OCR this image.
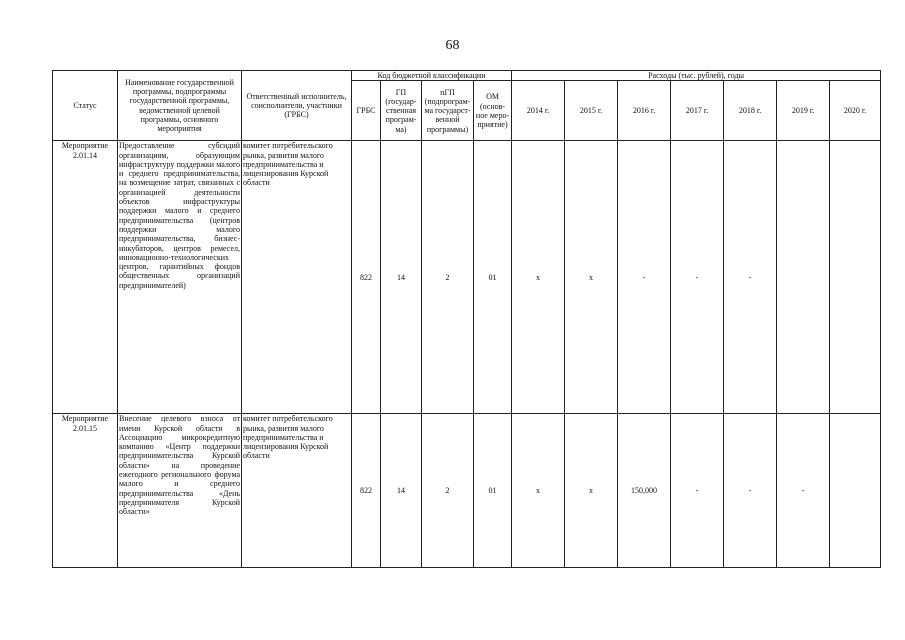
68
Статус	Наименование государственной программы, подпрограммы государственной программы, ведомственной целевой программы, основного мероприятия	Ответственный исполнитель, соисполнители, участники (ГРБС)	Код бюджетной классификации				Расходы (тыс. рублей), годы						
			ГРБС	ГП (государ-ственная програм-ма)	пГП (подпрограм-ма государст-венной программы)	ОМ (основ-ное меро-приятие)	2014 г.	2015 г.	2016 г.	2017 г.	2018 г.	2019 г.	2020 г.
Мероприятие 2.01.14	Предоставление субсидий организациям, образующим инфраструктуру поддержки малого и среднего предпринимательства, на возмещение затрат, связанных с организацией деятельности объектов инфраструктуры поддержки малого и среднего предпринимательства (центров поддержки малого предпринимательства, бизнес-инкубаторов, центров ремесел, инновационно-технологических центров, гарантийных фондов общественных организаций предпринимателей)	комитет потребительского рынка, развития малого предпринимательства и лицензирования Курской области	822	14	2	01	x	x	-	-	-		
Мероприятие 2.01.15	Внесение целевого взноса от имени Курской области в Ассоциацию микрокредитную компанию «Центр поддержки предпринимательства Курской области» на проведение ежегодного регионального форума малого и среднего предпринимательства «День предпринимателя Курской области»	комитет потребительского рынка, развития малого предпринимательства и лицензирования Курской области	822	14	2	01	x	x	150,000	-	-	-	
